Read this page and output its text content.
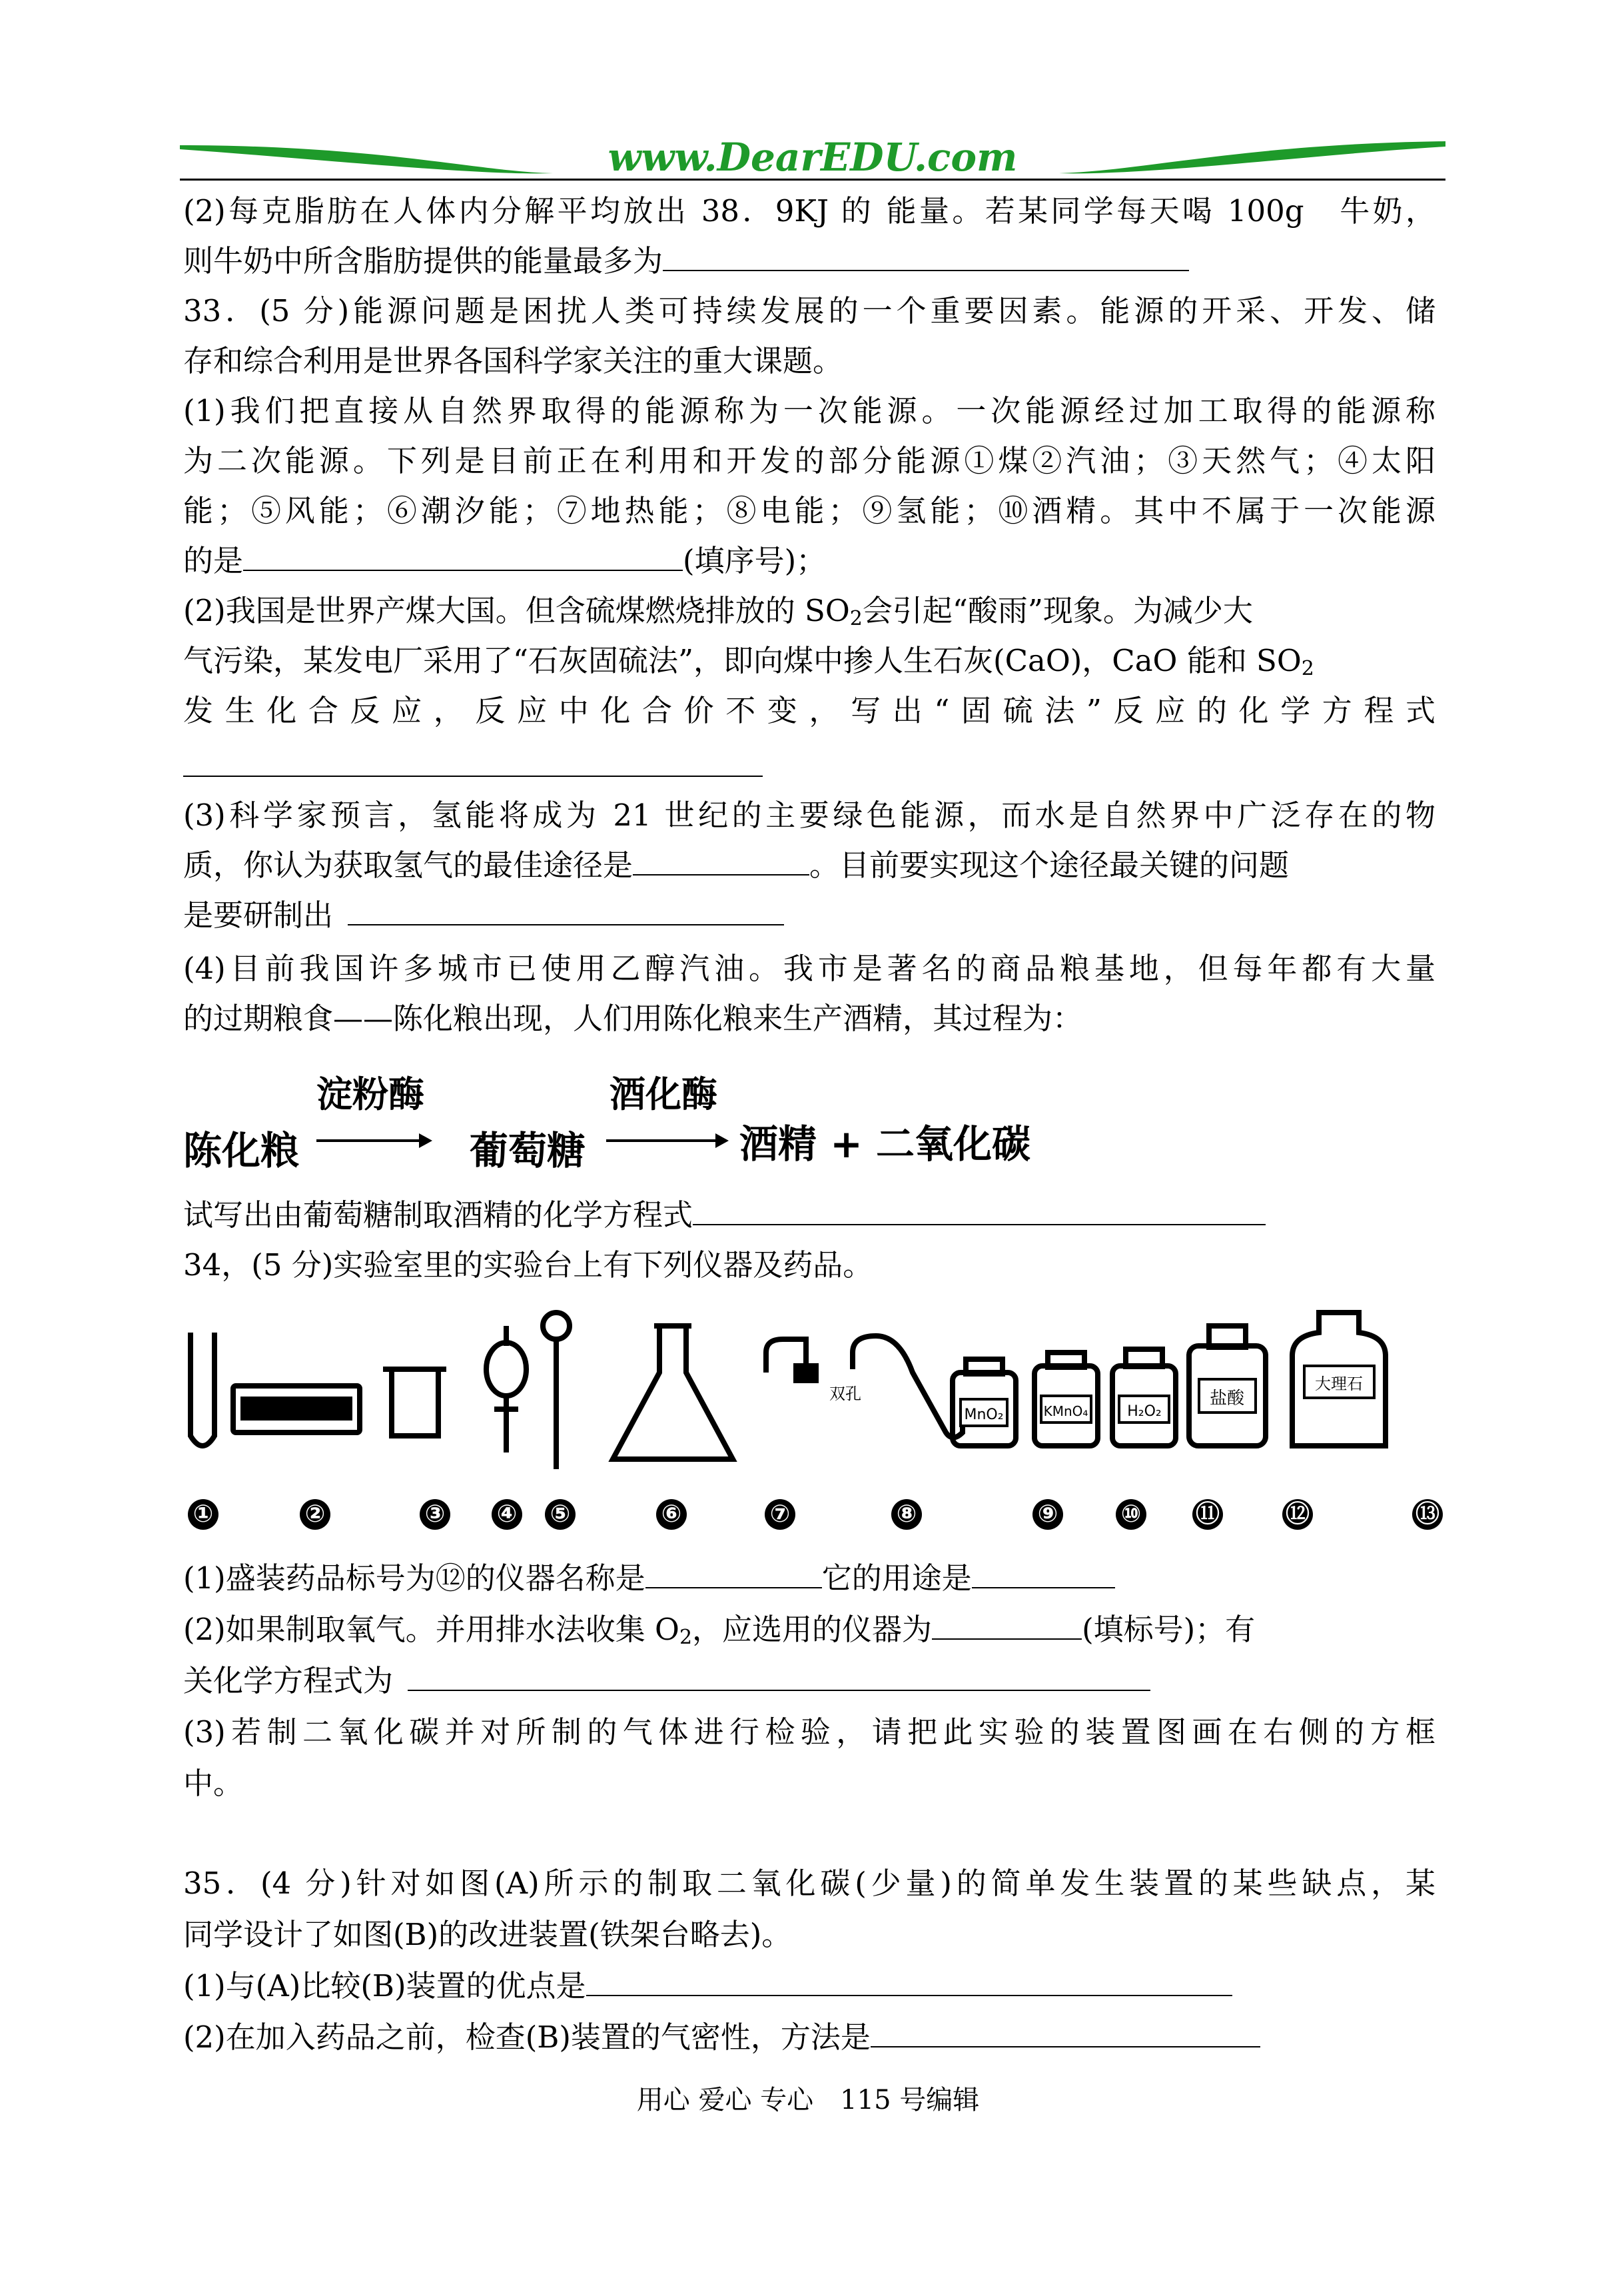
www.DearEDU.com
(2)每克脂肪在人体内分解平均放出 38．9KJ 的 能量。若某同学每天喝 100g　牛奶，
则牛奶中所含脂肪提供的能量最多为
33．(5 分)能源问题是困扰人类可持续发展的一个重要因素。能源的开采、开发、储
存和综合利用是世界各国科学家关注的重大课题。
(1)我们把直接从自然界取得的能源称为一次能源。一次能源经过加工取得的能源称
为二次能源。下列是目前正在利用和开发的部分能源①煤②汽油；③天然气；④太阳
能；⑤风能；⑥潮汐能；⑦地热能；⑧电能；⑨氢能；⑩酒精。其中不属于一次能源
的是	(填序号)；
(2)我国是世界产煤大国。但含硫煤燃烧排放的 $SO_2$会引起“酸雨”现象。为减少大
气污染，某发电厂采用了“石灰固硫法”，即向煤中掺人生石灰(CaO)，CaO 能和 $SO_2$
发生化合反应，反应中化合价不变，写出“固硫法”反应的化学方程式
(3)科学家预言，氢能将成为 21 世纪的主要绿色能源，而水是自然界中广泛存在的物
质，你认为获取氢气的最佳途径是	。目前要实现这个途径最关键的问题
是要研制出
(4)目前我国许多城市已使用乙醇汽油。我市是著名的商品粮基地，但每年都有大量
的过期粮食——陈化粮出现，人们用陈化粮来生产酒精，其过程为：
淀粉酶
陈化粮	葡萄糖
酒化酶
酒精 + 二氧化碳
试写出由葡萄糖制取酒精的化学方程式
34，(5 分)实验室里的实验台上有下列仪器及药品。
双孔
MnO₂	KMnO₄	H₂O₂
盐酸
大理石
①	②	③ ④ ⑤	⑥	⑦	⑧	⑨	⑩ ⑪	⑫	⑬
(1)盛装药品标号为⑫的仪器名称是	它的用途是
(2)如果制取氧气。并用排水法收集 $O_2$，应选用的仪器为	(填标号)；有
关化学方程式为
(3)若制二氧化碳并对所制的气体进行检验，请把此实验的装置图画在右侧的方框
中。
35．(4 分)针对如图(A)所示的制取二氧化碳(少量)的简单发生装置的某些缺点，某
同学设计了如图(B)的改进装置(铁架台略去)。
(1)与(A)比较(B)装置的优点是
(2)在加入药品之前，检查(B)装置的气密性，方法是
用心 爱心 专心　115 号编辑
